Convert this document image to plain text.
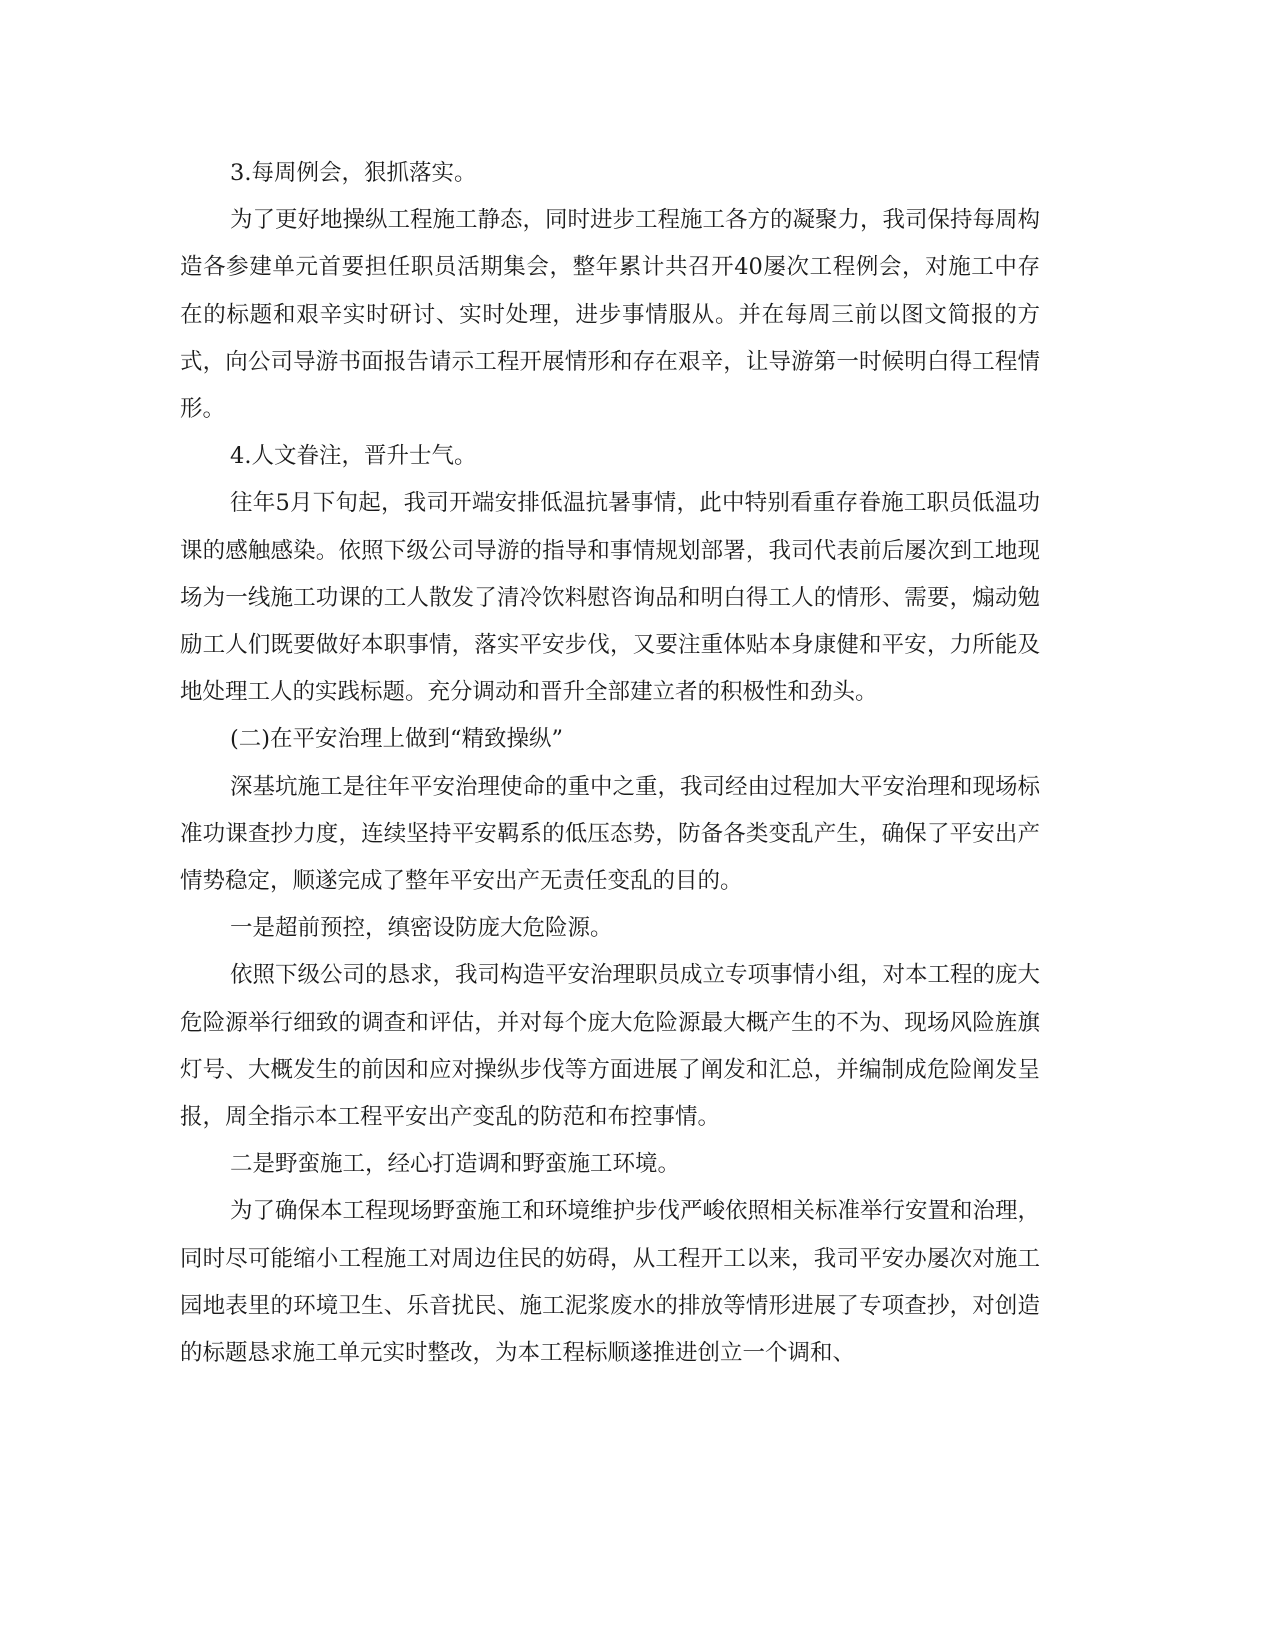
3.每周例会，狠抓落实。

为了更好地操纵工程施工静态，同时进步工程施工各方的凝聚力，我司保持每周构造各参建单元首要担任职员活期集会，整年累计共召开40屡次工程例会，对施工中存在的标题和艰辛实时研讨、实时处理，进步事情服从。并在每周三前以图文简报的方式，向公司导游书面报告请示工程开展情形和存在艰辛，让导游第一时候明白得工程情形。

4.人文眷注，晋升士气。

往年5月下旬起，我司开端安排低温抗暑事情，此中特别看重存眷施工职员低温功课的感触感染。依照下级公司导游的指导和事情规划部署，我司代表前后屡次到工地现场为一线施工功课的工人散发了清冷饮料慰咨询品和明白得工人的情形、需要，煽动勉励工人们既要做好本职事情，落实平安步伐，又要注重体贴本身康健和平安，力所能及地处理工人的实践标题。充分调动和晋升全部建立者的积极性和劲头。

(二)在平安治理上做到“精致操纵”

深基坑施工是往年平安治理使命的重中之重，我司经由过程加大平安治理和现场标准功课查抄力度，连续坚持平安羁系的低压态势，防备各类变乱产生，确保了平安出产情势稳定，顺遂完成了整年平安出产无责任变乱的目的。

一是超前预控，缜密设防庞大危险源。

依照下级公司的恳求，我司构造平安治理职员成立专项事情小组，对本工程的庞大危险源举行细致的调查和评估，并对每个庞大危险源最大概产生的不为、现场风险旌旗灯号、大概发生的前因和应对操纵步伐等方面进展了阐发和汇总，并编制成危险阐发呈报，周全指示本工程平安出产变乱的防范和布控事情。

二是野蛮施工，经心打造调和野蛮施工环境。

为了确保本工程现场野蛮施工和环境维护步伐严峻依照相关标准举行安置和治理，同时尽可能缩小工程施工对周边住民的妨碍，从工程开工以来，我司平安办屡次对施工园地表里的环境卫生、乐音扰民、施工泥浆废水的排放等情形进展了专项查抄，对创造的标题恳求施工单元实时整改，为本工程标顺遂推进创立一个调和、
